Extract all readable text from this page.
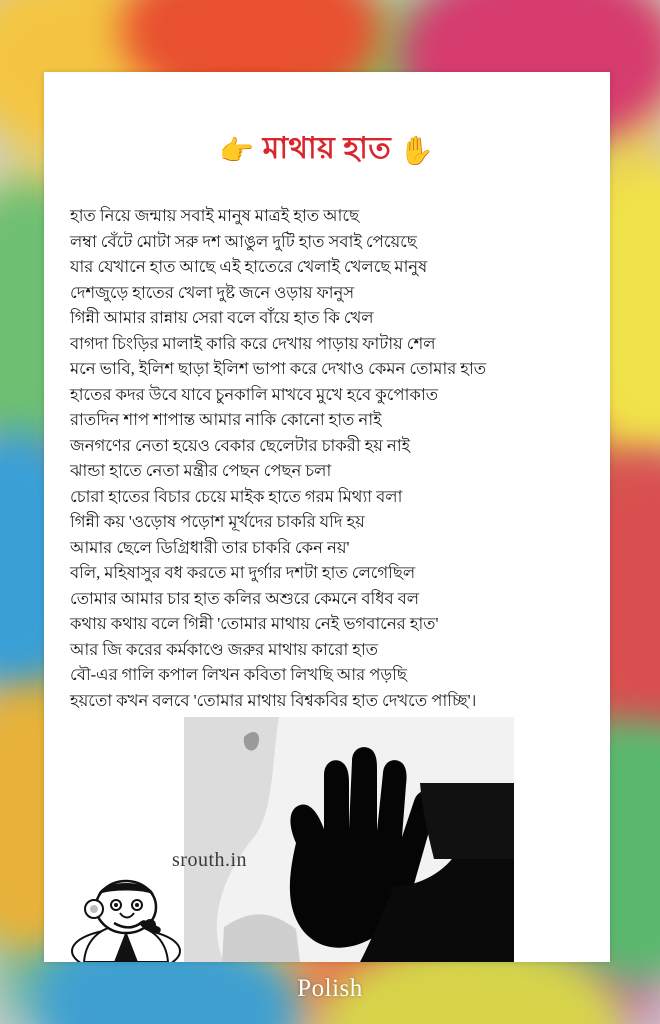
👉 মাথায় হাত ✋
হাত নিয়ে জন্মায় সবাই মানুষ মাত্রই হাত আছে
লম্বা বেঁটে মোটা সরু দশ আঙুল দুটি হাত সবাই পেয়েছে
যার যেখানে হাত আছে এই হাতেরে খেলাই খেলছে মানুষ
দেশজুড়ে হাতের খেলা দুষ্ট জনে ওড়ায় ফানুস
গিন্নী আমার রান্নায় সেরা বলে বাঁয়ে হাত কি খেল
বাগদা চিংড়ির মালাই কারি করে দেখায় পাড়ায় ফাটায় শেল
মনে ভাবি, ইলিশ ছাড়া ইলিশ ভাপা করে দেখাও কেমন তোমার হাত
হাতের কদর উবে যাবে চুনকালি মাখবে মুখে হবে কুপোকাত
রাতদিন শাপ শাপান্ত আমার নাকি কোনো হাত নাই
জনগণের নেতা হয়েও বেকার ছেলেটার চাকরী হয় নাই
ঝান্ডা হাতে নেতা মন্ত্রীর পেছন পেছন চলা
চোরা হাতের বিচার চেয়ে মাইক হাতে গরম মিথ্যা বলা
গিন্নী কয় 'ওড়োষ পড়োশ মূর্খদের চাকরি যদি হয়
আমার ছেলে ডিগ্রিধারী তার চাকরি কেন নয়'
বলি, মহিষাসুর বধ করতে মা দুর্গার দশটা হাত লেগেছিল
তোমার আমার চার হাত কলির অশুরে কেমনে বধিব বল
কথায় কথায় বলে গিন্নী 'তোমার মাথায় নেই ভগবানের হাত'
আর জি করের কর্মকাণ্ডে জরুর মাথায় কারো হাত
বৌ-এর গালি কপাল লিখন কবিতা লিখছি আর পড়ছি
হয়তো কখন বলবে 'তোমার মাথায় বিশ্বকবির হাত দেখতে পাচ্ছি'।
srouth.in
Polish
